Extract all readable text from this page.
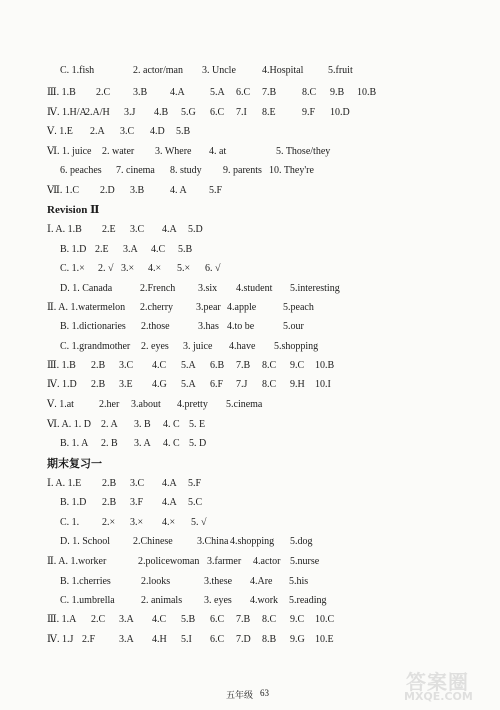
C. 1.fish	2. actor/man 3. Uncle	4.Hospital 5.fruit
Ⅲ. 1.B 2.C 3.B 4.A	5.A 6.C 7.B	8.C 9.B 10.B
Ⅳ. 1.H/A
2.A/H 3.J 4.B 5.G 6.C 7.I 8.E	9.F 10.D
Ⅴ. 1.E 2.A 3.C 4.D 5.B
Ⅵ. 1. juice 2. water 3. Where 4. at	5. Those/they
6. peaches 7. cinema 8. study 9. parents 10. They're
Ⅶ. 1.C 2.D 3.B	4. A 5.F
Revision Ⅱ
Ⅰ. A. 1.B 2.E 3.C 4.A 5.D
B. 1.D 2.E 3.A 4.C 5.B
C. 1.× 2. √ 3.× 4.× 5.× 6. √
D. 1. Canada	2.French 3.six 4.student 5.interesting
Ⅱ. A. 1.watermelon 2.cherry 3.pear 4.apple	5.peach
B. 1.dictionaries 2.those	3.has 4.to be	5.our
C. 1.grandmother 2. eyes 3. juice 4.have 5.shopping
Ⅲ. 1.B 2.B 3.C 4.C 5.A 6.B 7.B 8.C 9.C 10.B
Ⅳ. 1.D 2.B 3.E 4.G 5.A 6.F 7.J 8.C 9.H 10.I
Ⅴ. 1.at	2.her 3.about 4.pretty 5.cinema
Ⅵ. A. 1. D 2. A 3. B 4. C 5. E
B. 1. A 2. B 3. A 4. C 5. D
期末复习一
Ⅰ. A. 1.E 2.B 3.C 4.A 5.F
B. 1.D 2.B 3.F 4.A 5.C
C. 1. 2.× 3.× 4.× 5. √
D. 1. School 2.Chinese 3.China 4.shopping 5.dog
Ⅱ. A. 1.worker	2.policewoman 3.farmer 4.actor 5.nurse
B. 1.cherries	2.looks	3.these 4.Are 5.his
C. 1.umbrella	2. animals 3. eyes 4.work 5.reading
Ⅲ. 1.A 2.C 3.A 4.C 5.B 6.C 7.B 8.C 9.C 10.C
Ⅳ. 1.J 2.F 3.A 4.H 5.I 6.C 7.D 8.B 9.G 10.E
五年级 63	答案圈
MXQE.COM
